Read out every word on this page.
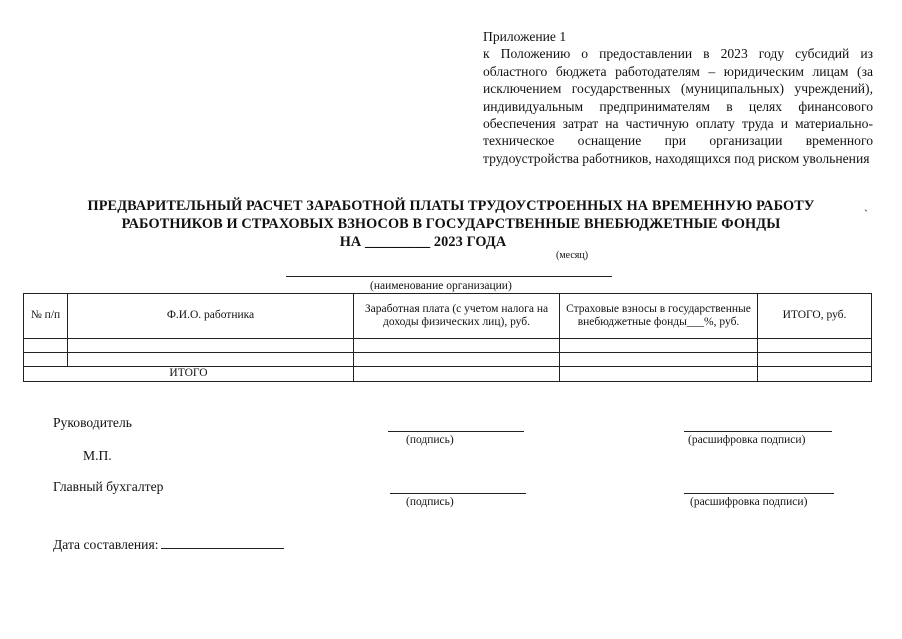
Приложение 1
к Положению о предоставлении в 2023 году субсидий из областного бюджета работодателям – юридическим лицам (за исключением государственных (муниципальных) учреждений), индивидуальным предпринимателям в целях финансового обеспечения затрат на частичную оплату труда и материально-техническое оснащение при организации временного трудоустройства работников, находящихся под риском увольнения
ПРЕДВАРИТЕЛЬНЫЙ РАСЧЕТ ЗАРАБОТНОЙ ПЛАТЫ ТРУДОУСТРОЕННЫХ НА ВРЕМЕННУЮ РАБОТУ
РАБОТНИКОВ И СТРАХОВЫХ ВЗНОСОВ В ГОСУДАРСТВЕННЫЕ ВНЕБЮДЖЕТНЫЕ ФОНДЫ
НА _________ 2023 ГОДА
`
(месяц)
(наименование организации)
№ п/п	Ф.И.О. работника	Заработная плата (с учетом налога на доходы физических лиц), руб.	Страховые взносы в государственные внебюджетные фонды___%, руб.	ИТОГО, руб.

ИТОГО				
Руководитель
(подпись)	(расшифровка подписи)
М.П.
Главный бухгалтер
(подпись)	(расшифровка подписи)
Дата составления:
